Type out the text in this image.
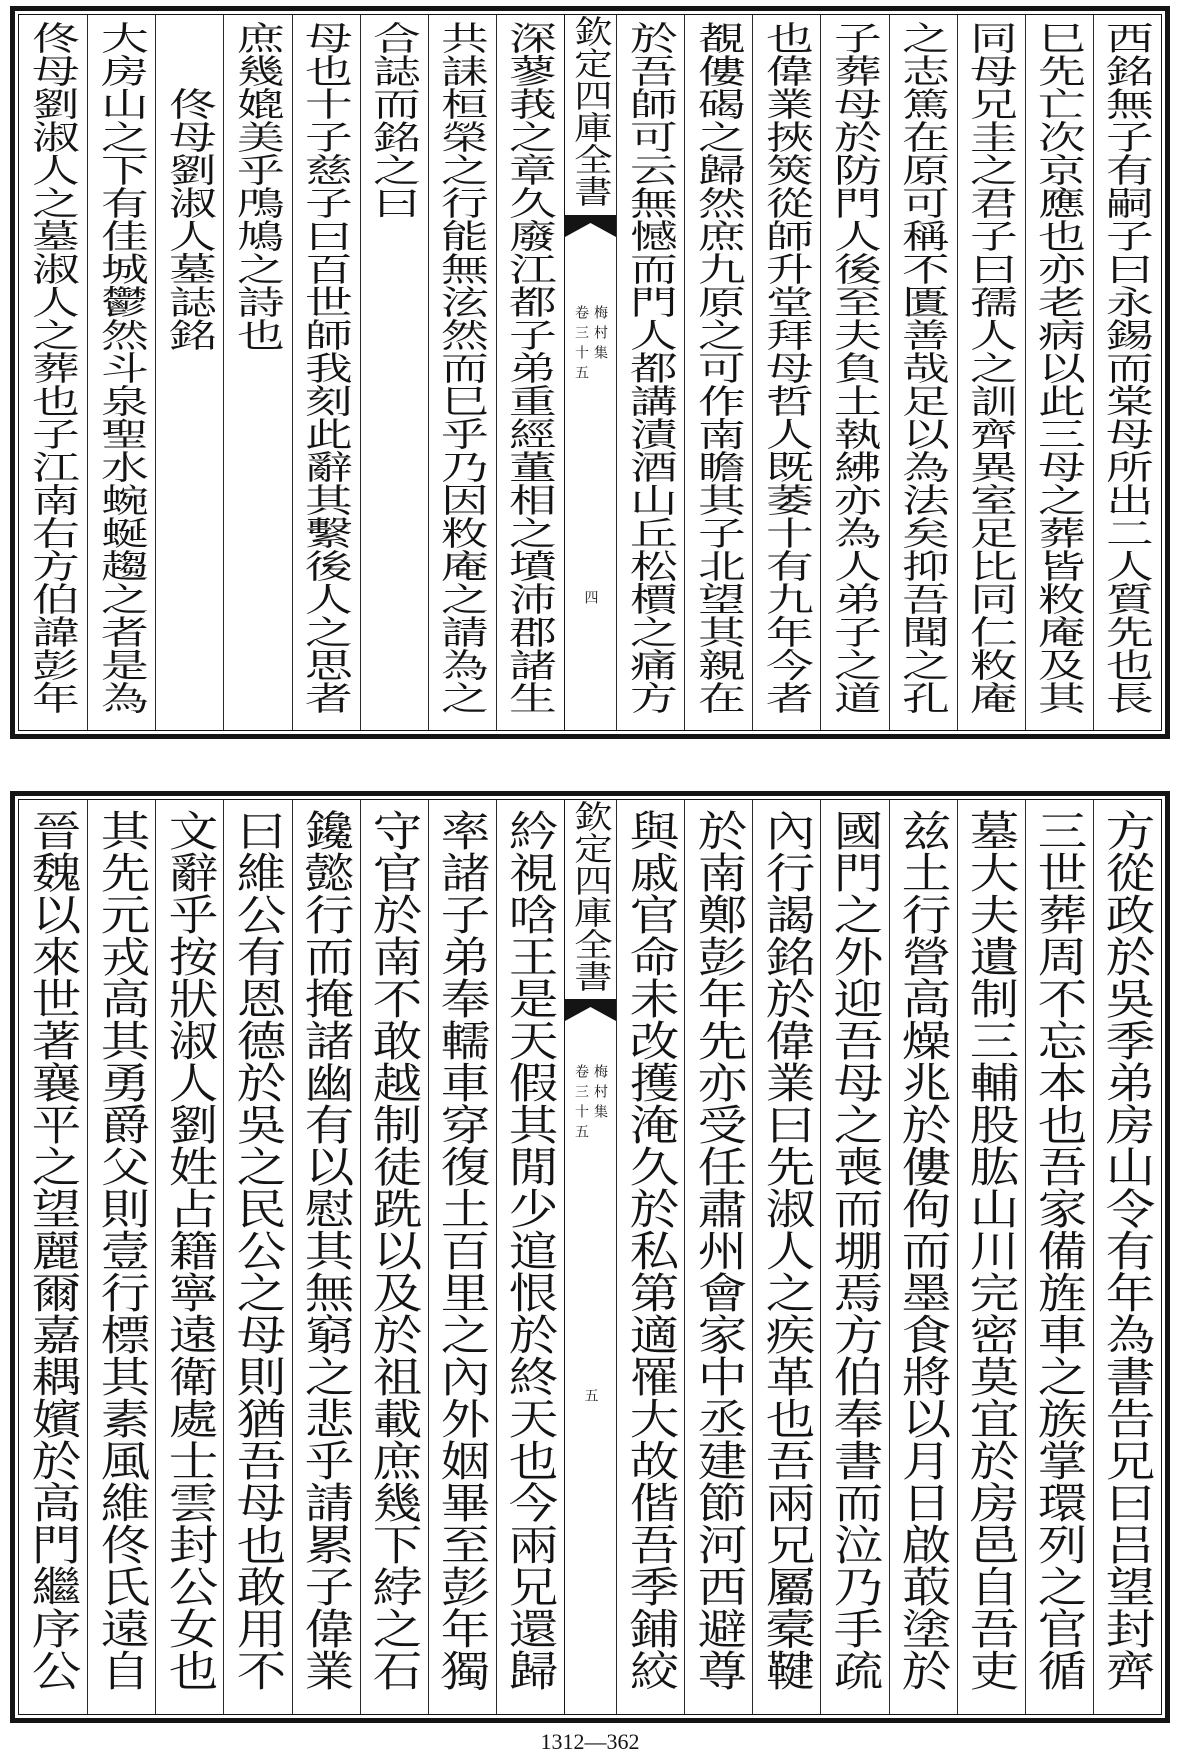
西銘無子有嗣子曰永錫而棠母所出二人質先也長
巳先亡次京應也亦老病以此三母之葬皆敉庵及其
同母兄圭之君子曰孺人之訓齊異室足比同仁敉庵
之志篤在原可稱不匱善哉足以為法矣抑吾聞之孔
子葬母於防門人後至夫負土執紼亦為人弟子之道
也偉業挾筴從師升堂拜母哲人既萎十有九年今者
覩僂碣之歸然庶九原之可作南瞻其子北望其親在
於吾師可云無憾而門人都講漬酒山丘松檟之痛方
欽定四庫全書
梅村集
卷三十五
四
深蓼莪之章久廢江都子弟重經董相之墳沛郡諸生
共誄桓榮之行能無泫然而巳乎乃因敉庵之請為之
合誌而銘之曰
母也十子慈子曰百世師我刻此辭其繫後人之思者
庶幾媲美乎鳲鳩之詩也
佟母劉淑人墓誌銘
大房山之下有佳城鬱然斗泉聖水蜿蜒趨之者是為
佟母劉淑人之墓淑人之葬也子江南右方伯諱彭年
方從政於吳季弟房山令有年為書告兄曰吕望封齊
三世葬周不忘本也吾家備旌車之族掌環列之官循
墓大夫遺制三輔股肱山川完密莫宜於房邑自吾吏
兹土行營高燥兆於僂佝而墨食將以月日啟菆塗於
國門之外迎吾母之喪而堋焉方伯奉書而泣乃手疏
內行謁銘於偉業曰先淑人之疾革也吾兩兄屬槖鞬
於南鄭彭年先亦受任肅州會家中丞建節河西避尊
與戚官命未改擭淹久於私第適罹大故偕吾季鋪絞
欽定四庫全書
梅村集
卷三十五
五
紟視唅王是天假其閒少逭恨於終天也今兩兄還歸
率諸子弟奉轜車穿復土百里之內外姻畢至彭年獨
守官於南不敢越制徒跣以及於祖載庶幾下綍之石
鑱懿行而掩諸幽有以慰其無窮之悲乎請累子偉業
曰維公有恩德於吳之民公之母則猶吾母也敢用不
文辭乎按狀淑人劉姓占籍寧遠衛處士雲封公女也
其先元戎高其勇爵父則壹行標其素風維佟氏遠自
晉魏以來世著襄平之望麗爾嘉耦嬪於高門繼序公
1312—362
